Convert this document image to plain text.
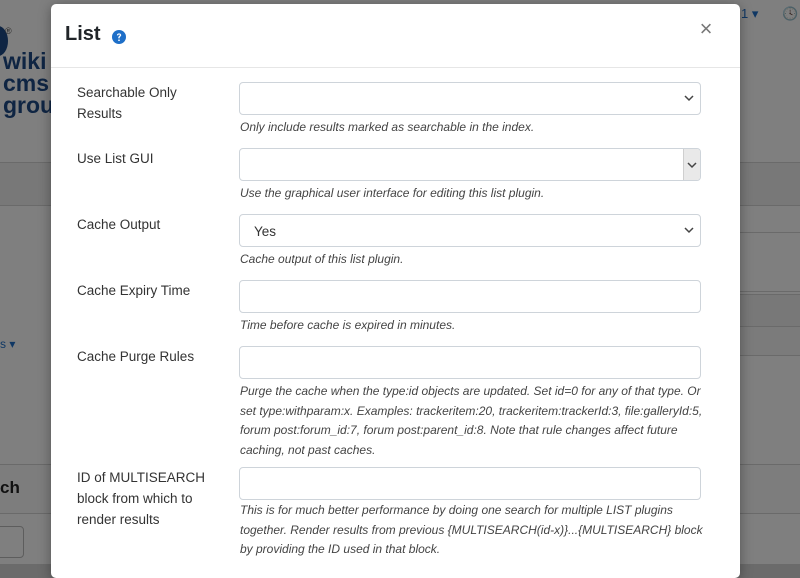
List	×
Searchable Only Results
Only include results marked as searchable in the index.
Use List GUI
Use the graphical user interface for editing this list plugin.
Cache Output	Yes
Cache output of this list plugin.
Cache Expiry Time
Time before cache is expired in minutes.
Cache Purge Rules
Purge the cache when the type:id objects are updated. Set id=0 for any of that type. Or set type:withparam:x. Examples: trackeritem:20, trackeritem:trackerId:3, file:galleryId:5, forum post:forum_id:7, forum post:parent_id:8. Note that rule changes affect future caching, not past caches.
ID of MULTISEARCH block from which to render results
This is for much better performance by doing one search for multiple LIST plugins together. Render results from previous {MULTISEARCH(id-x)}...{MULTISEARCH} block by providing the ID used in that block.
